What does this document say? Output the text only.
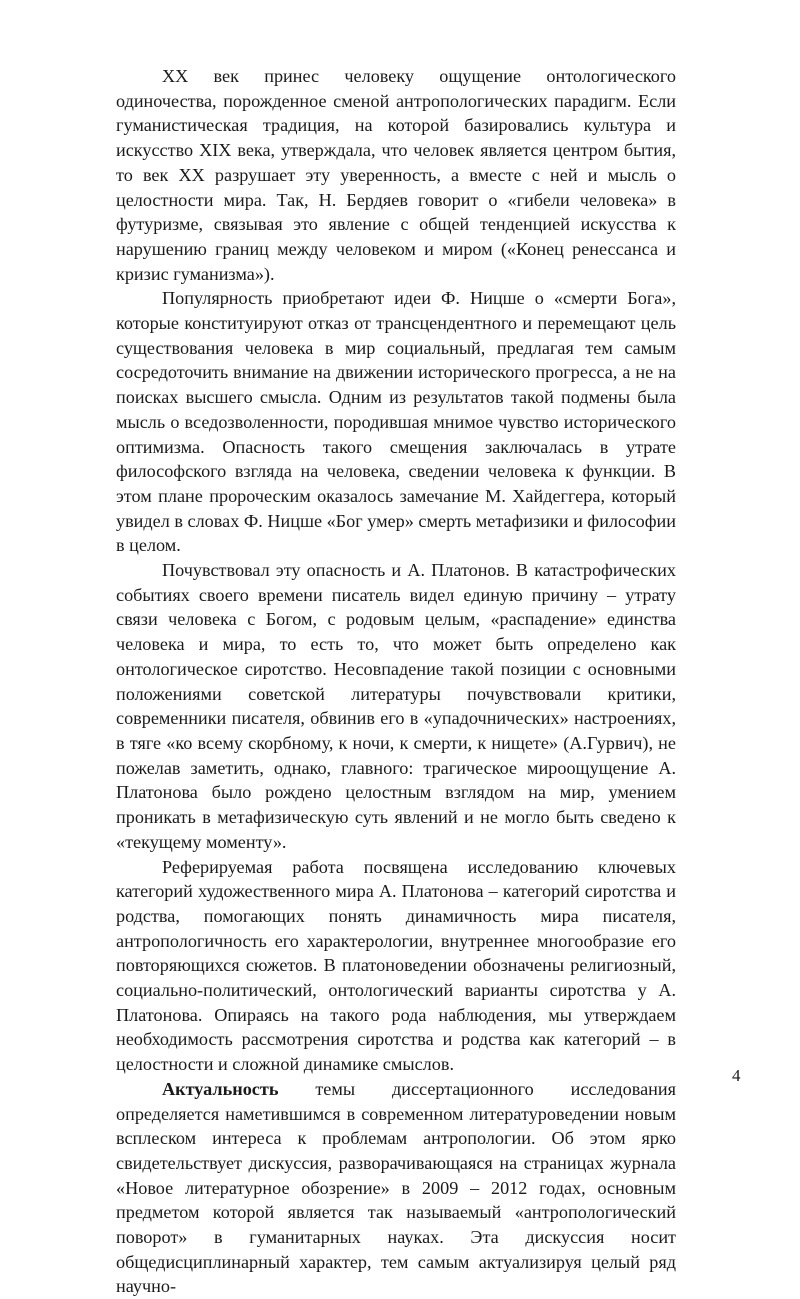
XX век принес человеку ощущение онтологического одиночества, порожденное сменой антропологических парадигм. Если гуманистическая традиция, на которой базировались культура и искусство XIX века, утверждала, что человек является центром бытия, то век XX разрушает эту уверенность, а вместе с ней и мысль о целостности мира. Так, Н. Бердяев говорит о «гибели человека» в футуризме, связывая это явление с общей тенденцией искусства к нарушению границ между человеком и миром («Конец ренессанса и кризис гуманизма»).

Популярность приобретают идеи Ф. Ницше о «смерти Бога», которые конституируют отказ от трансцендентного и перемещают цель существования человека в мир социальный, предлагая тем самым сосредоточить внимание на движении исторического прогресса, а не на поисках высшего смысла. Одним из результатов такой подмены была мысль о вседозволенности, породившая мнимое чувство исторического оптимизма. Опасность такого смещения заключалась в утрате философского взгляда на человека, сведении человека к функции. В этом плане пророческим оказалось замечание М. Хайдеггера, который увидел в словах Ф. Ницше «Бог умер» смерть метафизики и философии в целом.

Почувствовал эту опасность и А. Платонов. В катастрофических событиях своего времени писатель видел единую причину – утрату связи человека с Богом, с родовым целым, «распадение» единства человека и мира, то есть то, что может быть определено как онтологическое сиротство. Несовпадение такой позиции с основными положениями советской литературы почувствовали критики, современники писателя, обвинив его в «упадочнических» настроениях, в тяге «ко всему скорбному, к ночи, к смерти, к нищете» (А.Гурвич), не пожелав заметить, однако, главного: трагическое мироощущение А. Платонова было рождено целостным взглядом на мир, умением проникать в метафизическую суть явлений и не могло быть сведено к «текущему моменту».

Реферируемая работа посвящена исследованию ключевых категорий художественного мира А. Платонова – категорий сиротства и родства, помогающих понять динамичность мира писателя, антропологичность его характерологии, внутреннее многообразие его повторяющихся сюжетов. В платоноведении обозначены религиозный, социально-политический, онтологический варианты сиротства у А. Платонова. Опираясь на такого рода наблюдения, мы утверждаем необходимость рассмотрения сиротства и родства как категорий – в целостности и сложной динамике смыслов.

Актуальность темы диссертационного исследования определяется наметившимся в современном литературоведении новым всплеском интереса к проблемам антропологии. Об этом ярко свидетельствует дискуссия, разворачивающаяся на страницах журнала «Новое литературное обозрение» в 2009 – 2012 годах, основным предметом которой является так называемый «антропологический поворот» в гуманитарных науках. Эта дискуссия носит общедисциплинарный характер, тем самым актуализируя целый ряд научно-

4
